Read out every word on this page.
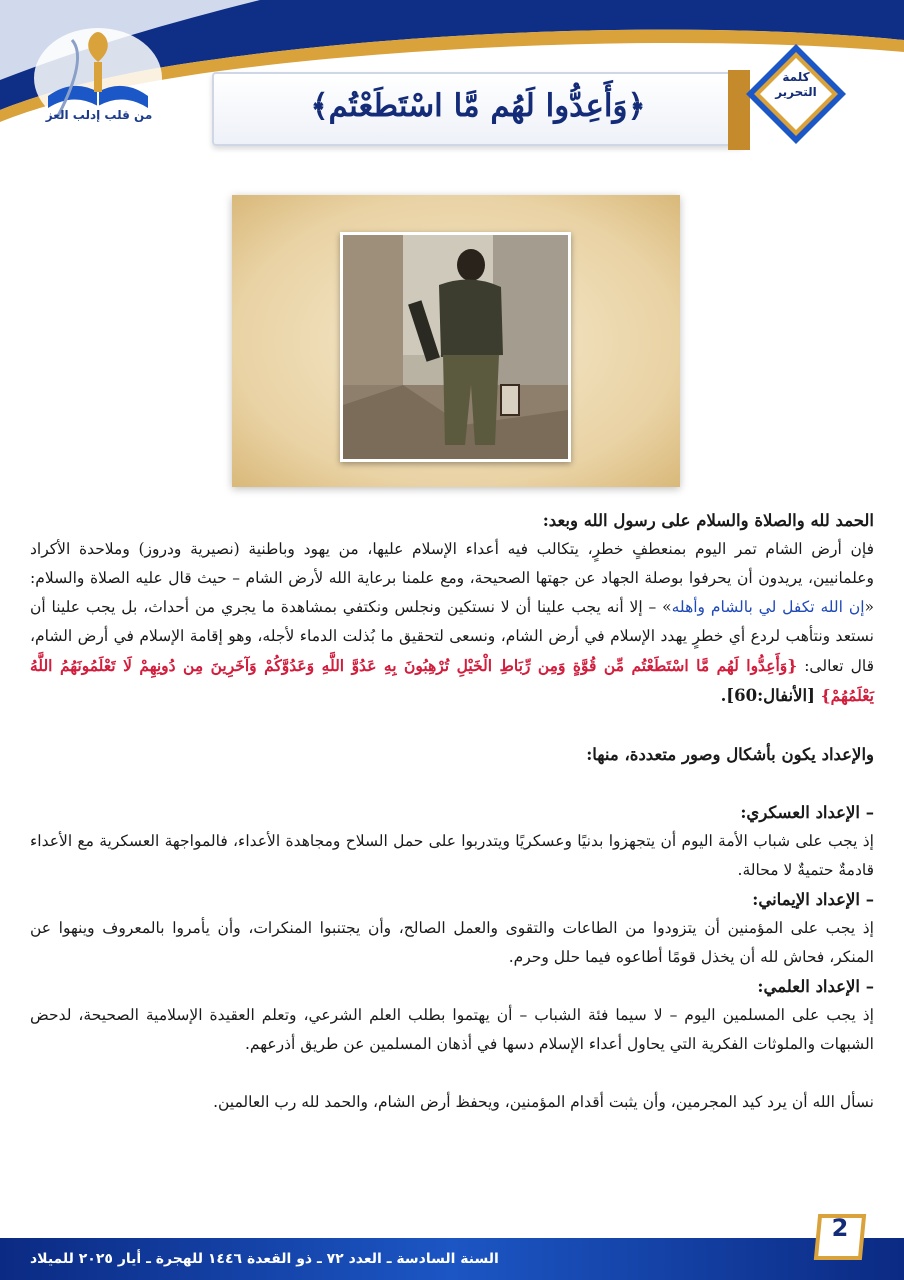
من قلب إدلب العز	﴿وَأَعِدُّوا لَهُم مَّا اسْتَطَعْتُم﴾
كلمة
التحرير

الحمد لله والصلاة والسلام على رسول الله وبعد:

فإن أرض الشام تمر اليوم بمنعطفٍ خطرٍ، يتكالب فيه أعداء الإسلام عليها، من يهود وباطنية (نصيرية ودروز) وملاحدة الأكراد وعلمانيين، يريدون أن يحرفوا بوصلة الجهاد عن جهتها الصحيحة، ومع علمنا برعاية الله لأرض الشام – حيث قال عليه الصلاة والسلام: «إن الله تكفل لي بالشام وأهله» – إلا أنه يجب علينا أن لا نستكين ونجلس ونكتفي بمشاهدة ما يجري من أحداث، بل يجب علينا أن نستعد ونتأهب لردع أي خطرٍ يهدد الإسلام في أرض الشام، ونسعى لتحقيق ما بُذلت الدماء لأجله، وهو إقامة الإسلام في أرض الشام، قال تعالى: {وَأَعِدُّوا لَهُم مَّا اسْتَطَعْتُم مِّن قُوَّةٍ وَمِن رِّبَاطِ الْخَيْلِ تُرْهِبُونَ بِهِ عَدُوَّ اللَّهِ وَعَدُوَّكُمْ وَآخَرِينَ مِن دُونِهِمْ لَا تَعْلَمُونَهُمُ اللَّهُ يَعْلَمُهُمْ} [الأنفال:60].

والإعداد يكون بأشكال وصور متعددة، منها:

– الإعداد العسكري:

إذ يجب على شباب الأمة اليوم أن يتجهزوا بدنيًا وعسكريًا ويتدربوا على حمل السلاح ومجاهدة الأعداء، فالمواجهة العسكرية مع الأعداء قادمةٌ حتميةٌ لا محالة.

– الإعداد الإيماني:

إذ يجب على المؤمنين أن يتزودوا من الطاعات والتقوى والعمل الصالح، وأن يجتنبوا المنكرات، وأن يأمروا بالمعروف وينهوا عن المنكر، فحاش لله أن يخذل قومًا أطاعوه فيما حلل وحرم.

– الإعداد العلمي:

إذ يجب على المسلمين اليوم – لا سيما فئة الشباب – أن يهتموا بطلب العلم الشرعي، وتعلم العقيدة الإسلامية الصحيحة، لدحض الشبهات والملوثات الفكرية التي يحاول أعداء الإسلام دسها في أذهان المسلمين عن طريق أذرعهم.

نسأل الله أن يرد كيد المجرمين، وأن يثبت أقدام المؤمنين، ويحفظ أرض الشام، والحمد لله رب العالمين.

السنة السادسة ـ العدد ٧٢ ـ ذو القعدة ١٤٤٦ للهجرة ـ أيار ٢٠٢٥ للميلاد
2
